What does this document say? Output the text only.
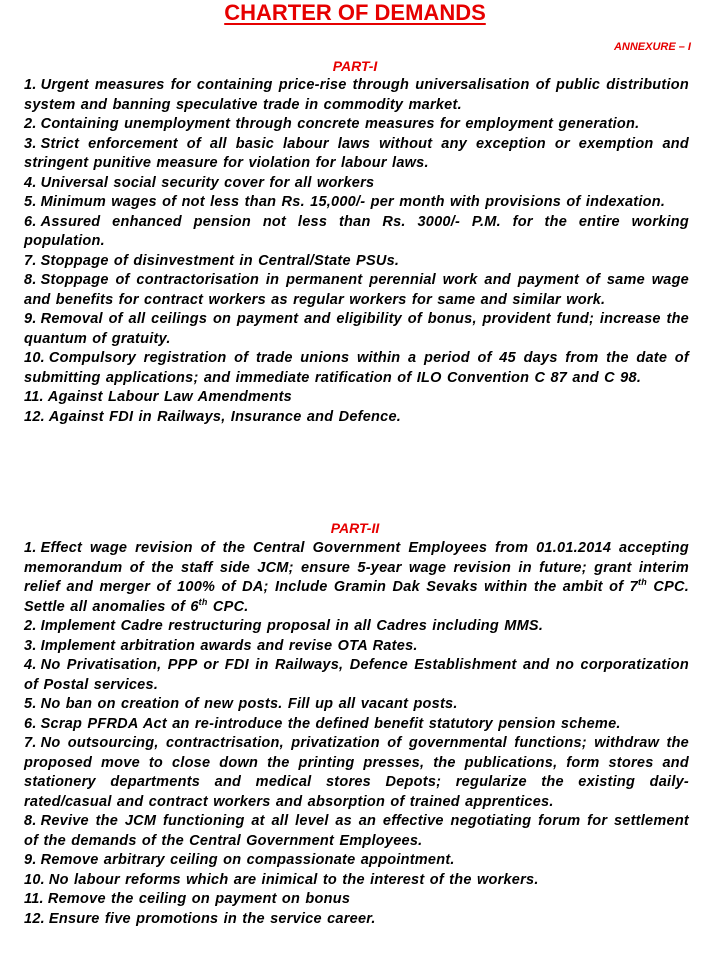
CHARTER OF DEMANDS
ANNEXURE – I
PART-I
1. Urgent measures for containing price-rise through universalisation of public distribution system and banning speculative trade in commodity market.
2. Containing unemployment through concrete measures for employment generation.
3. Strict enforcement of all basic labour laws without any exception or exemption and stringent punitive measure for violation for labour laws.
4. Universal social security cover for all workers
5. Minimum wages of not less than Rs. 15,000/- per month with provisions of indexation.
6. Assured enhanced pension not less than Rs. 3000/- P.M. for the entire working population.
7. Stoppage of disinvestment in Central/State PSUs.
8. Stoppage of contractorisation in permanent perennial work and payment of same wage and benefits for contract workers as regular workers for same and similar work.
9. Removal of all ceilings on payment and eligibility of bonus, provident fund; increase the quantum of gratuity.
10. Compulsory registration of trade unions within a period of 45 days from the date of submitting applications; and immediate ratification of ILO Convention C 87 and C 98.
11. Against Labour Law Amendments
12. Against FDI in Railways, Insurance and Defence.
PART-II
1. Effect wage revision of the Central Government Employees from 01.01.2014 accepting memorandum of the staff side JCM; ensure 5-year wage revision in future; grant interim relief and merger of 100% of DA; Include Gramin Dak Sevaks within the ambit of 7th CPC. Settle all anomalies of 6th CPC.
2. Implement Cadre restructuring proposal in all Cadres including MMS.
3. Implement arbitration awards and revise OTA Rates.
4. No Privatisation, PPP or FDI in Railways, Defence Establishment and no corporatization of Postal services.
5. No ban on creation of new posts. Fill up all vacant posts.
6. Scrap PFRDA Act an re-introduce the defined benefit statutory pension scheme.
7. No outsourcing, contractrisation, privatization of governmental functions; withdraw the proposed move to close down the printing presses, the publications, form stores and stationery departments and medical stores Depots; regularize the existing daily-rated/casual and contract workers and absorption of trained apprentices.
8. Revive the JCM functioning at all level as an effective negotiating forum for settlement of the demands of the Central Government Employees.
9. Remove arbitrary ceiling on compassionate appointment.
10. No labour reforms which are inimical to the interest of the workers.
11. Remove the ceiling on payment on bonus
12. Ensure five promotions in the service career.
